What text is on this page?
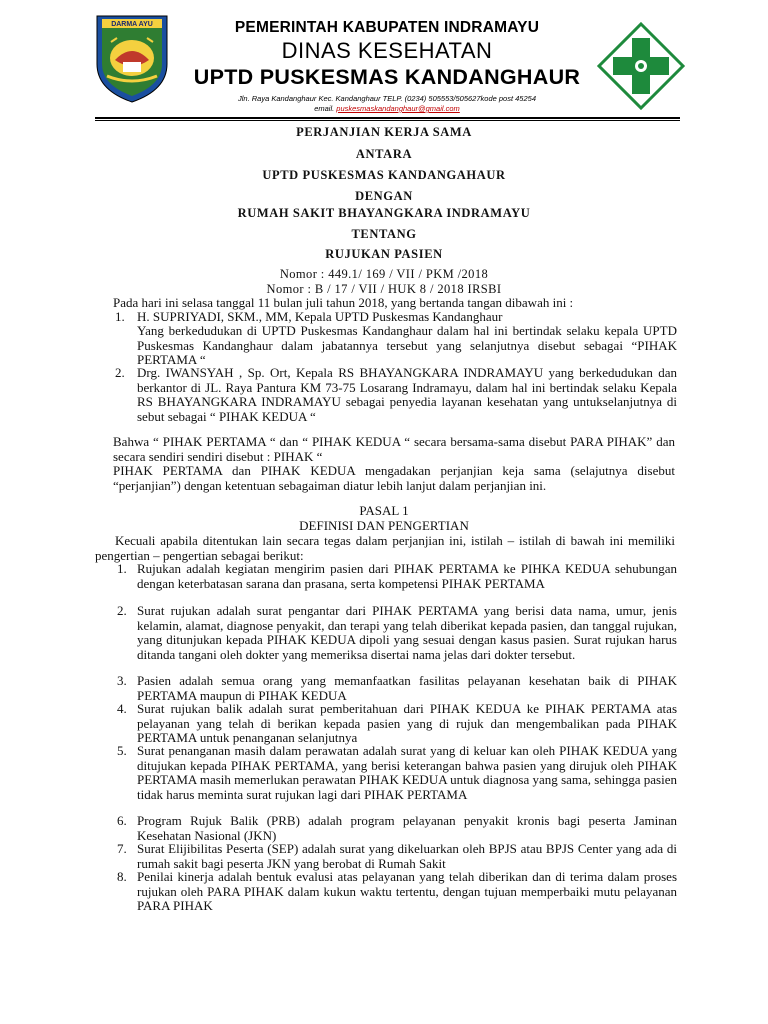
DARMA AYU	PEMERINTAH KABUPATEN INDRAMAYU
DINAS KESEHATAN
UPTD PUSKESMAS KANDANGHAUR
Jln. Raya Kandanghaur Kec. Kandanghaur TELP. (0234) 505553/505627kode post 45254
email. puskesmaskandanghaur@gmail.com
PERJANJIAN KERJA SAMA
ANTARA
UPTD PUSKESMAS KANDANGAHAUR
DENGAN
RUMAH SAKIT BHAYANGKARA INDRAMAYU
TENTANG
RUJUKAN PASIEN
Nomor : 449.1/ 169 / VII / PKM /2018
Nomor : B / 17 / VII / HUK 8 / 2018 IRSBI
Pada hari ini selasa tanggal 11 bulan juli tahun 2018, yang bertanda tangan dibawah ini :
1. H. SUPRIYADI, SKM., MM, Kepala UPTD Puskesmas Kandanghaur
Yang berkedudukan di UPTD Puskesmas Kandanghaur dalam hal ini bertindak selaku kepala UPTD Puskesmas Kandanghaur dalam jabatannya tersebut yang selanjutnya disebut sebagai “PIHAK PERTAMA “
2. Drg. IWANSYAH , Sp. Ort, Kepala RS BHAYANGKARA INDRAMAYU yang berkedudukan dan berkantor di JL. Raya Pantura KM 73-75 Losarang Indramayu, dalam hal ini bertindak selaku Kepala RS BHAYANGKARA INDRAMAYU sebagai penyedia layanan kesehatan yang untukselanjutnya di sebut sebagai “ PIHAK KEDUA “
Bahwa “ PIHAK PERTAMA “ dan “ PIHAK KEDUA “ secara bersama-sama disebut PARA PIHAK” dan secara sendiri sendiri disebut : PIHAK “
PIHAK PERTAMA dan PIHAK KEDUA mengadakan perjanjian keja sama (selajutnya disebut “perjanjian”) dengan ketentuan sebagaiman diatur lebih lanjut dalam perjanjian ini.
PASAL 1
DEFINISI DAN PENGERTIAN
Kecuali apabila ditentukan lain secara tegas dalam perjanjian ini, istilah – istilah di bawah ini memiliki pengertian – pengertian sebagai berikut:
1. Rujukan adalah kegiatan mengirim pasien dari PIHAK PERTAMA ke PIHKA KEDUA sehubungan dengan keterbatasan sarana dan prasana, serta kompetensi PIHAK PERTAMA
2. Surat rujukan adalah surat pengantar dari PIHAK PERTAMA yang berisi data nama, umur, jenis kelamin, alamat, diagnose penyakit, dan terapi yang telah diberikat kepada pasien, dan tanggal rujukan, yang ditunjukan kepada PIHAK KEDUA dipoli yang sesuai dengan kasus pasien. Surat rujukan harus ditanda tangani oleh dokter yang memeriksa disertai nama jelas dari dokter tersebut.
3. Pasien adalah semua orang yang memanfaatkan fasilitas pelayanan kesehatan baik di PIHAK PERTAMA maupun di PIHAK KEDUA
4. Surat rujukan balik adalah surat pemberitahuan dari PIHAK KEDUA ke PIHAK PERTAMA atas pelayanan yang telah di berikan kepada pasien yang di rujuk dan mengembalikan pada PIHAK PERTAMA untuk penanganan selanjutnya
5. Surat penanganan masih dalam perawatan adalah surat yang di keluar kan oleh PIHAK KEDUA yang ditujukan kepada PIHAK PERTAMA, yang berisi keterangan bahwa pasien yang dirujuk oleh PIHAK PERTAMA masih memerlukan perawatan PIHAK KEDUA untuk diagnosa yang sama, sehingga pasien tidak harus meminta surat rujukan lagi dari PIHAK PERTAMA
6. Program Rujuk Balik (PRB) adalah program pelayanan penyakit kronis bagi peserta Jaminan Kesehatan Nasional (JKN)
7. Surat Elijibilitas Peserta (SEP) adalah surat yang dikeluarkan oleh BPJS atau BPJS Center yang ada di rumah sakit bagi peserta JKN yang berobat di Rumah Sakit
8. Penilai kinerja adalah bentuk evalusi atas pelayanan yang telah diberikan dan di terima dalam proses rujukan oleh PARA PIHAK dalam kukun waktu tertentu, dengan tujuan memperbaiki mutu pelayanan PARA PIHAK
